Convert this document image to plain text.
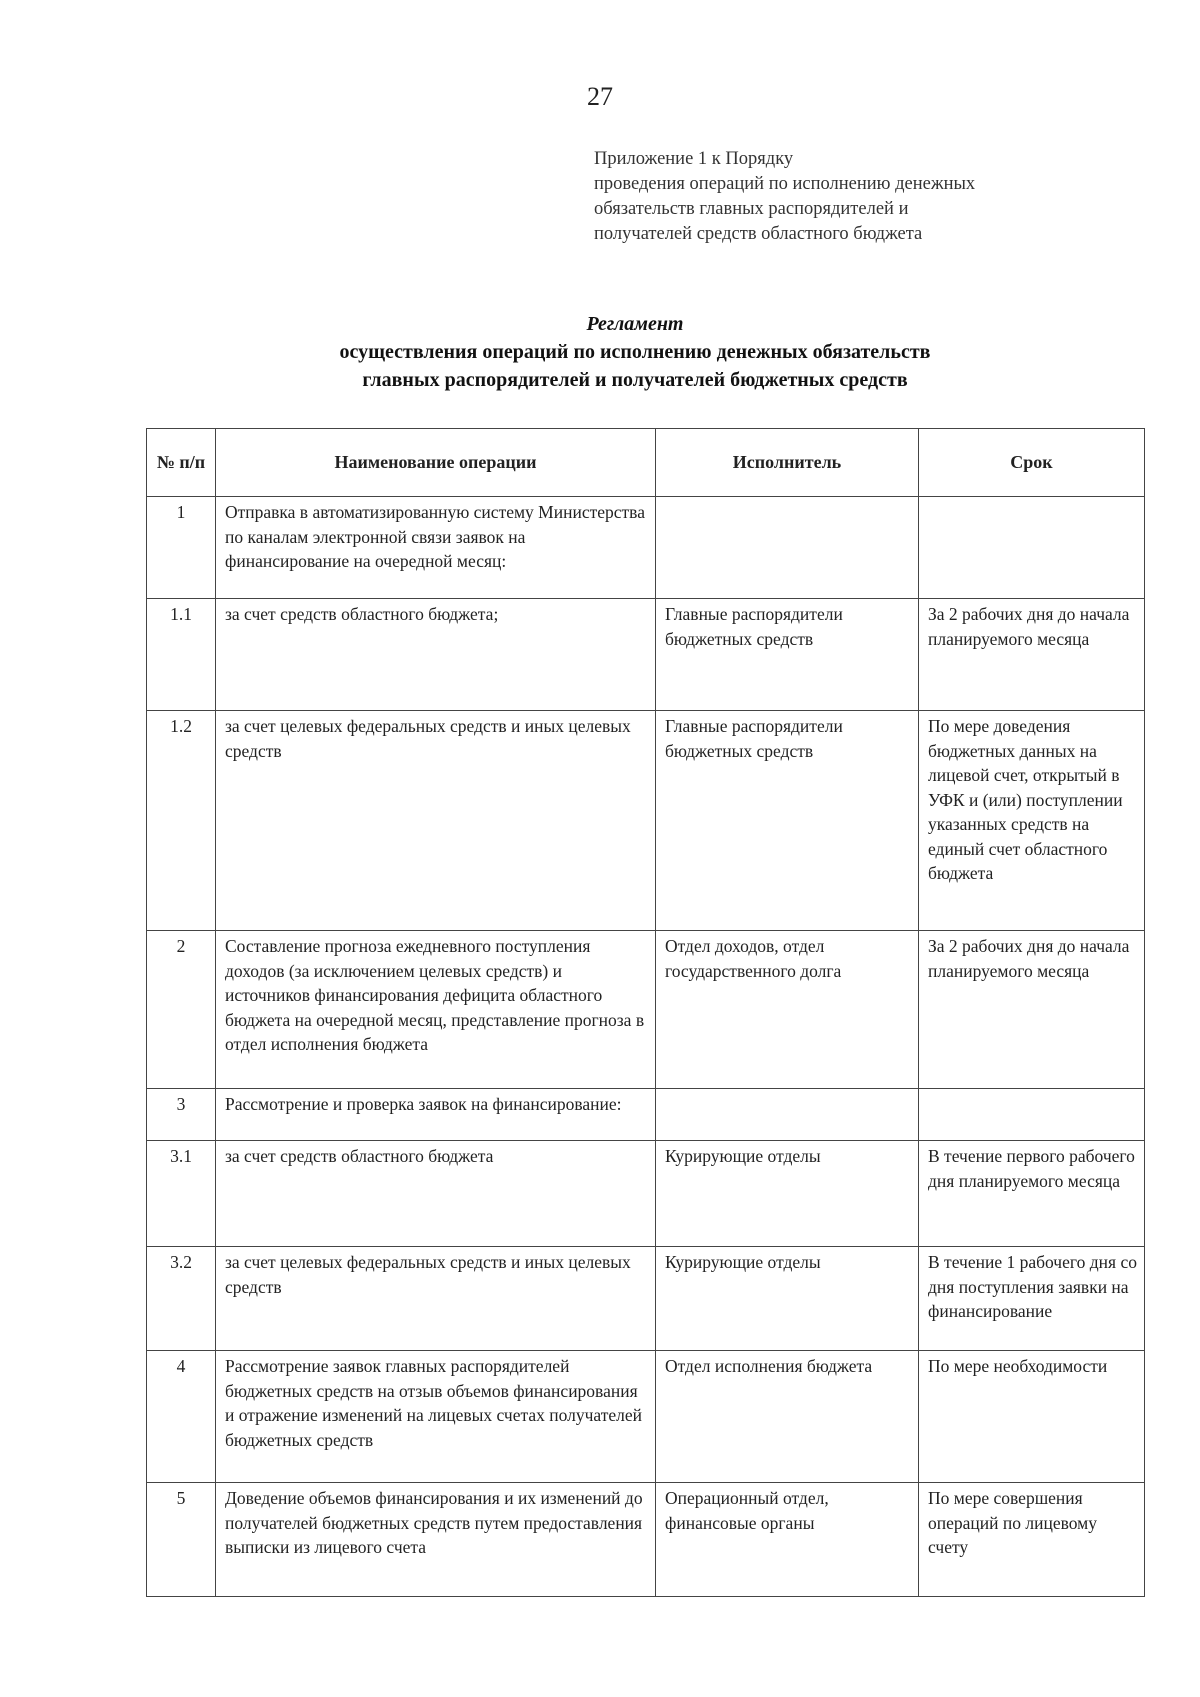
27
Приложение 1 к Порядку
проведения операций по исполнению денежных
обязательств главных распорядителей и
получателей средств областного бюджета
Регламент
осуществления операций по исполнению денежных обязательств
главных распорядителей и получателей бюджетных средств
№ п/п	Наименование операции	Исполнитель	Срок
1	Отправка в автоматизированную систему Министерства по каналам электронной связи заявок на финансирование на очередной месяц:		
1.1	за счет средств областного бюджета;	Главные распорядители бюджетных средств	За 2 рабочих дня до начала планируемого месяца
1.2	за счет целевых федеральных средств и иных целевых средств	Главные распорядители бюджетных средств	По мере доведения бюджетных данных на лицевой счет, открытый в УФК и (или) поступлении указанных средств на единый счет областного бюджета
2	Составление прогноза ежедневного поступления доходов (за исключением целевых средств) и источников финансирования дефицита областного бюджета на очередной месяц, представление прогноза в отдел исполнения бюджета	Отдел доходов, отдел государственного долга	За 2 рабочих дня до начала планируемого месяца
3	Рассмотрение и проверка заявок на финансирование:		
3.1	за счет средств областного бюджета	Курирующие отделы	В течение первого рабочего дня планируемого месяца
3.2	за счет целевых федеральных средств и иных целевых средств	Курирующие отделы	В течение 1 рабочего дня со дня поступления заявки на финансирование
4	Рассмотрение заявок главных распорядителей бюджетных средств на отзыв объемов финансирования и отражение изменений на лицевых счетах получателей бюджетных средств	Отдел исполнения бюджета	По мере необходимости
5	Доведение объемов финансирования и их изменений до получателей бюджетных средств путем предоставления выписки из лицевого счета	Операционный отдел, финансовые органы	По мере совершения операций по лицевому счету
